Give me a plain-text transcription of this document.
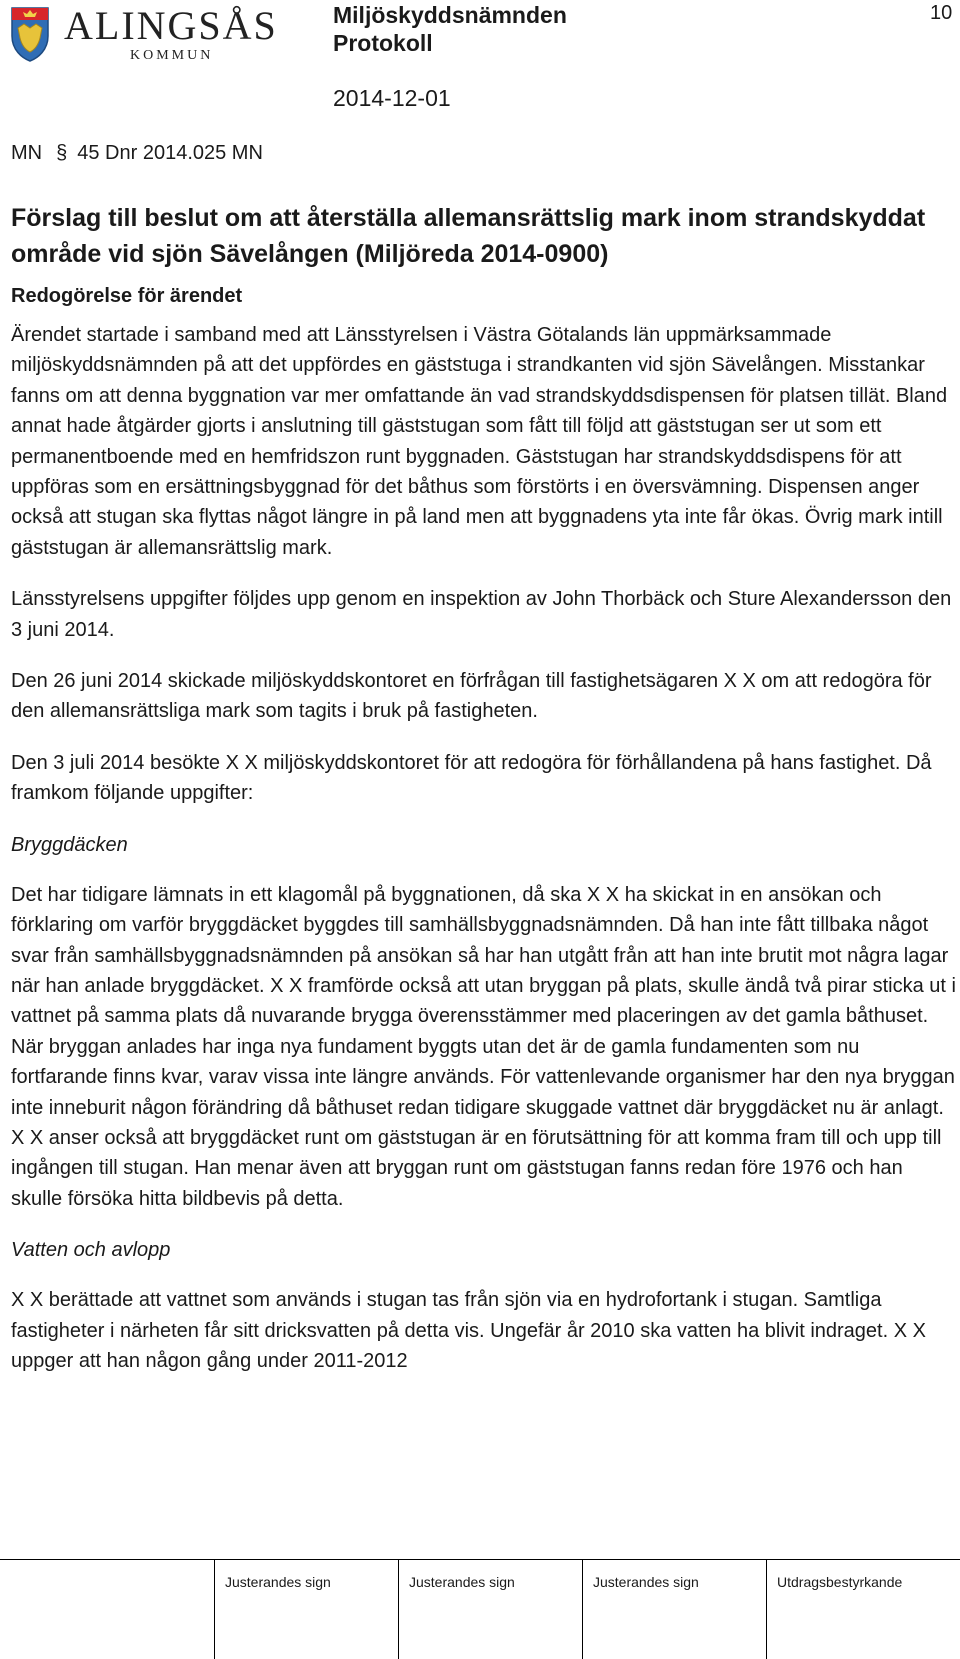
ALINGSÅS
KOMMUN
Miljöskyddsnämnden
Protokoll
2014-12-01
10
MN § 45 Dnr 2014.025 MN
Förslag till beslut om att återställa allemansrättslig mark inom strandskyddat område vid sjön Sävelången (Miljöreda 2014-0900)
Redogörelse för ärendet

Ärendet startade i samband med att Länsstyrelsen i Västra Götalands län uppmärksammade miljöskyddsnämnden på att det uppfördes en gäststuga i strandkanten vid sjön Sävelången. Misstankar fanns om att denna byggnation var mer omfattande än vad strandskyddsdispensen för platsen tillät. Bland annat hade åtgärder gjorts i anslutning till gäststugan som fått till följd att gäststugan ser ut som ett permanentboende med en hemfridszon runt byggnaden. Gäststugan har strandskyddsdispens för att uppföras som en ersättningsbyggnad för det båthus som förstörts i en översvämning. Dispensen anger också att stugan ska flyttas något längre in på land men att byggnadens yta inte får ökas. Övrig mark intill gäststugan är allemansrättslig mark.

Länsstyrelsens uppgifter följdes upp genom en inspektion av John Thorbäck och Sture Alexandersson den 3 juni 2014.

Den 26 juni 2014 skickade miljöskyddskontoret en förfrågan till fastighetsägaren X X om att redogöra för den allemansrättsliga mark som tagits i bruk på fastigheten.

Den 3 juli 2014 besökte X X miljöskyddskontoret för att redogöra för förhållandena på hans fastighet. Då framkom följande uppgifter:

Bryggdäcken

Det har tidigare lämnats in ett klagomål på byggnationen, då ska X X ha skickat in en ansökan och förklaring om varför bryggdäcket byggdes till samhällsbyggnadsnämnden. Då han inte fått tillbaka något svar från samhällsbyggnadsnämnden på ansökan så har han utgått från att han inte brutit mot några lagar när han anlade bryggdäcket. X X framförde också att utan bryggan på plats, skulle ändå två pirar sticka ut i vattnet på samma plats då nuvarande brygga överensstämmer med placeringen av det gamla båthuset. När bryggan anlades har inga nya fundament byggts utan det är de gamla fundamenten som nu fortfarande finns kvar, varav vissa inte längre används. För vattenlevande organismer har den nya bryggan inte inneburit någon förändring då båthuset redan tidigare skuggade vattnet där bryggdäcket nu är anlagt. X X anser också att bryggdäcket runt om gäststugan är en förutsättning för att komma fram till och upp till ingången till stugan. Han menar även att bryggan runt om gäststugan fanns redan före 1976 och han skulle försöka hitta bildbevis på detta.

Vatten och avlopp

X X berättade att vattnet som används i stugan tas från sjön via en hydrofortank i stugan. Samtliga fastigheter i närheten får sitt dricksvatten på detta vis. Ungefär år 2010 ska vatten ha blivit indraget. X X uppger att han någon gång under 2011-2012

Justerandes sign	Justerandes sign	Justerandes sign	Utdragsbestyrkande
